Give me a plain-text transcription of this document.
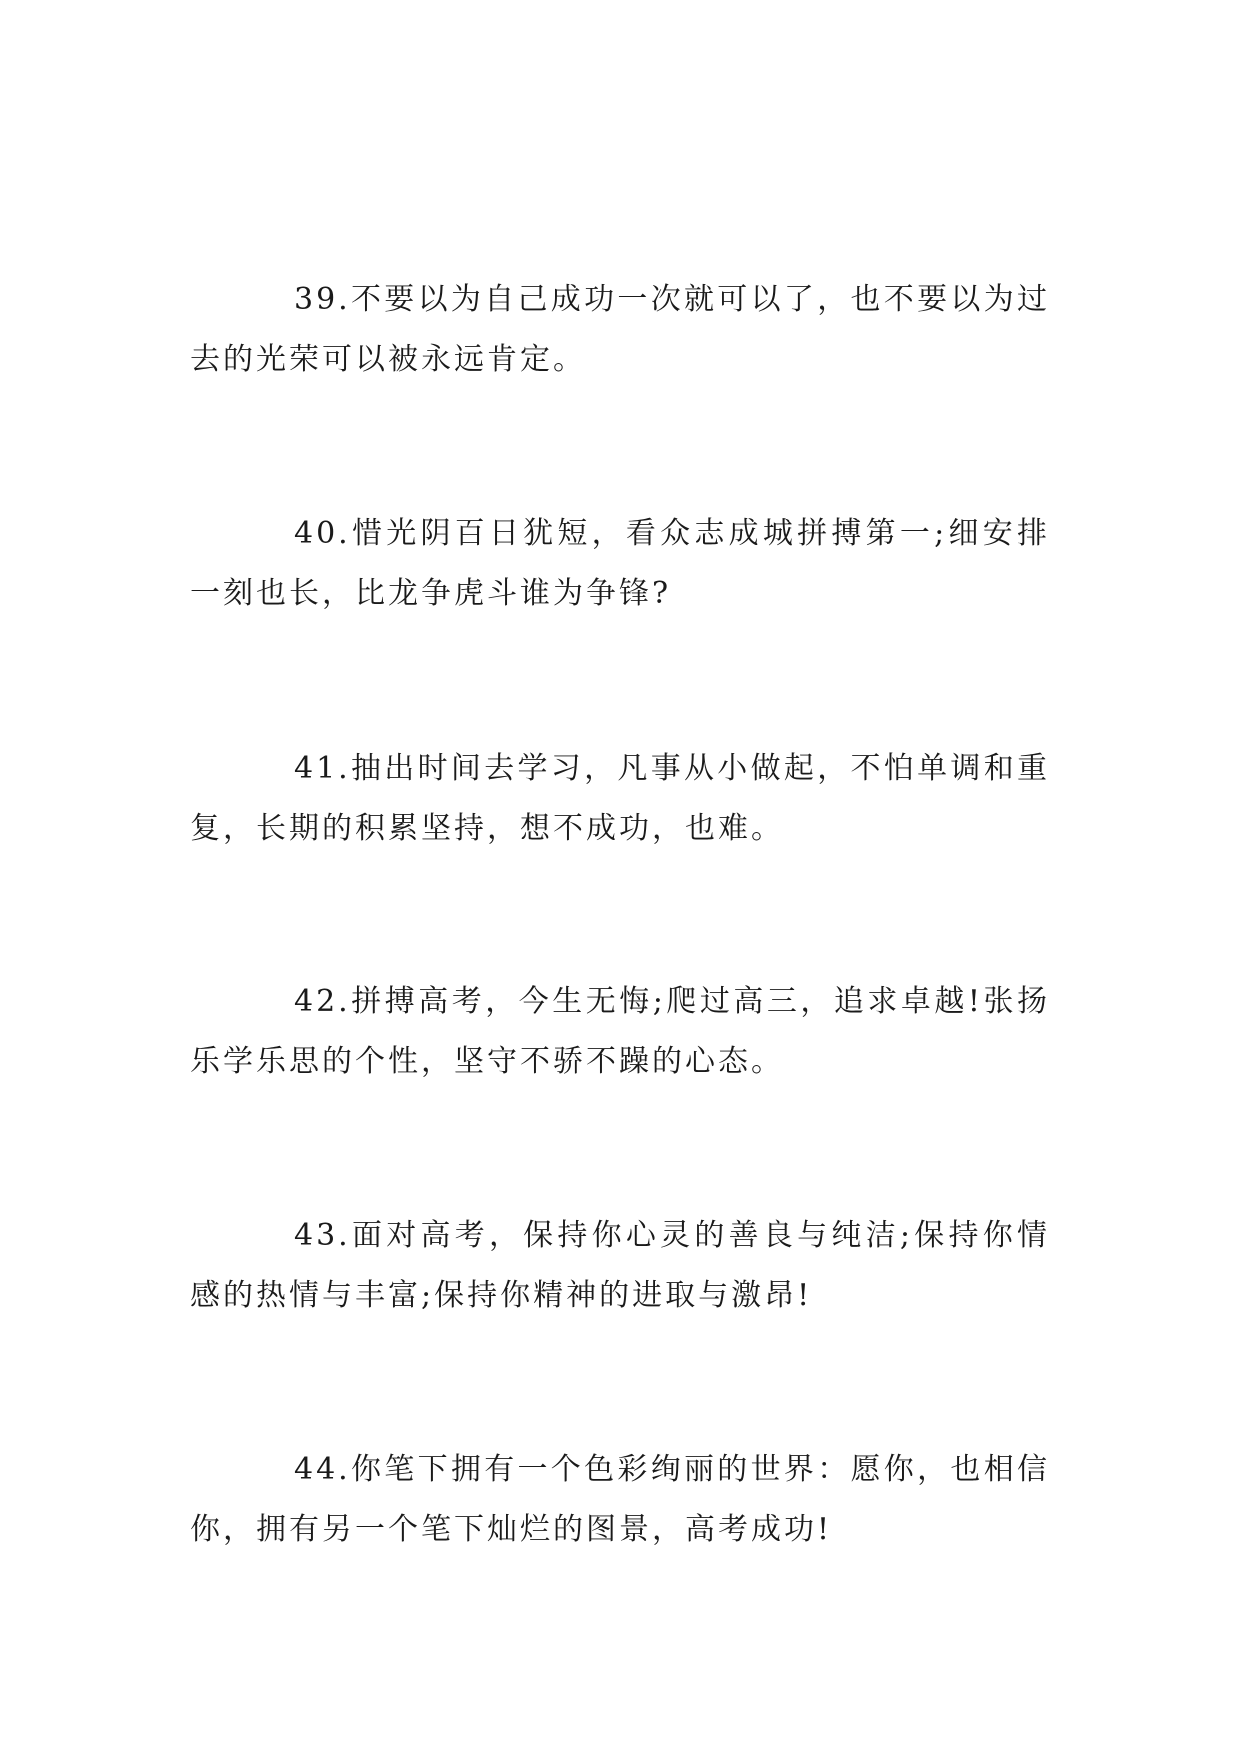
39.不要以为自己成功一次就可以了，也不要以为过去的光荣可以被永远肯定。

40.惜光阴百日犹短，看众志成城拼搏第一;细安排一刻也长，比龙争虎斗谁为争锋?

41.抽出时间去学习，凡事从小做起，不怕单调和重复，长期的积累坚持，想不成功，也难。

42.拼搏高考，今生无悔;爬过高三，追求卓越!张扬乐学乐思的个性，坚守不骄不躁的心态。

43.面对高考，保持你心灵的善良与纯洁;保持你情感的热情与丰富;保持你精神的进取与激昂!

44.你笔下拥有一个色彩绚丽的世界：愿你，也相信你，拥有另一个笔下灿烂的图景，高考成功!
